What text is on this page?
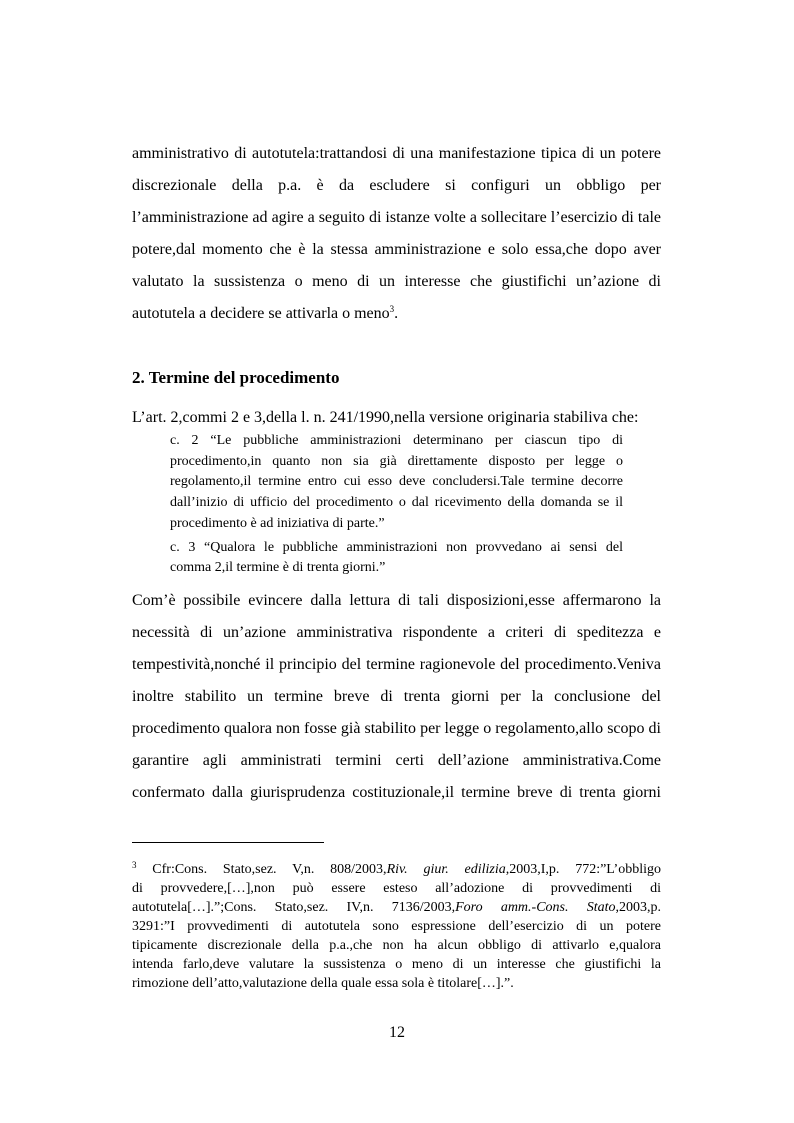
amministrativo di autotutela:trattandosi di una manifestazione tipica di un potere
discrezionale della p.a. è da escludere si configuri un obbligo per
l’amministrazione ad agire a seguito di istanze volte a sollecitare l’esercizio di tale
potere,dal momento che è la stessa amministrazione e solo essa,che dopo aver
valutato la sussistenza o meno di un interesse che giustifichi un’azione di
autotutela a decidere se attivarla o meno$^3$.
2. Termine del procedimento
L’art. 2,commi 2 e 3,della l. n. 241/1990,nella versione originaria stabiliva che:
c. 2 “Le pubbliche amministrazioni determinano per ciascun tipo di
procedimento,in quanto non sia già direttamente disposto per legge o
regolamento,il termine entro cui esso deve concludersi.Tale termine decorre
dall’inizio di ufficio del procedimento o dal ricevimento della domanda se il
procedimento è ad iniziativa di parte.”
c. 3 “Qualora le pubbliche amministrazioni non provvedano ai sensi del
comma 2,il termine è di trenta giorni.”
Com’è possibile evincere dalla lettura di tali disposizioni,esse affermarono la
necessità di un’azione amministrativa rispondente a criteri di speditezza e
tempestività,nonché il principio del termine ragionevole del procedimento.Veniva
inoltre stabilito un termine breve di trenta giorni per la conclusione del
procedimento qualora non fosse già stabilito per legge o regolamento,allo scopo di
garantire agli amministrati termini certi dell’azione amministrativa.Come
confermato dalla giurisprudenza costituzionale,il termine breve di trenta giorni
$^3$ Cfr:Cons. Stato,sez. V,n. 808/2003,Riv. giur. edilizia,2003,I,p. 772:”L’obbligo
di provvedere,[…],non può essere esteso all’adozione di provvedimenti di
autotutela[…].”;Cons. Stato,sez. IV,n. 7136/2003,Foro amm.-Cons. Stato,2003,p.
3291:”I provvedimenti di autotutela sono espressione dell’esercizio di un potere
tipicamente discrezionale della p.a.,che non ha alcun obbligo di attivarlo e,qualora
intenda farlo,deve valutare la sussistenza o meno di un interesse che giustifichi la
rimozione dell’atto,valutazione della quale essa sola è titolare[…].”.
12
